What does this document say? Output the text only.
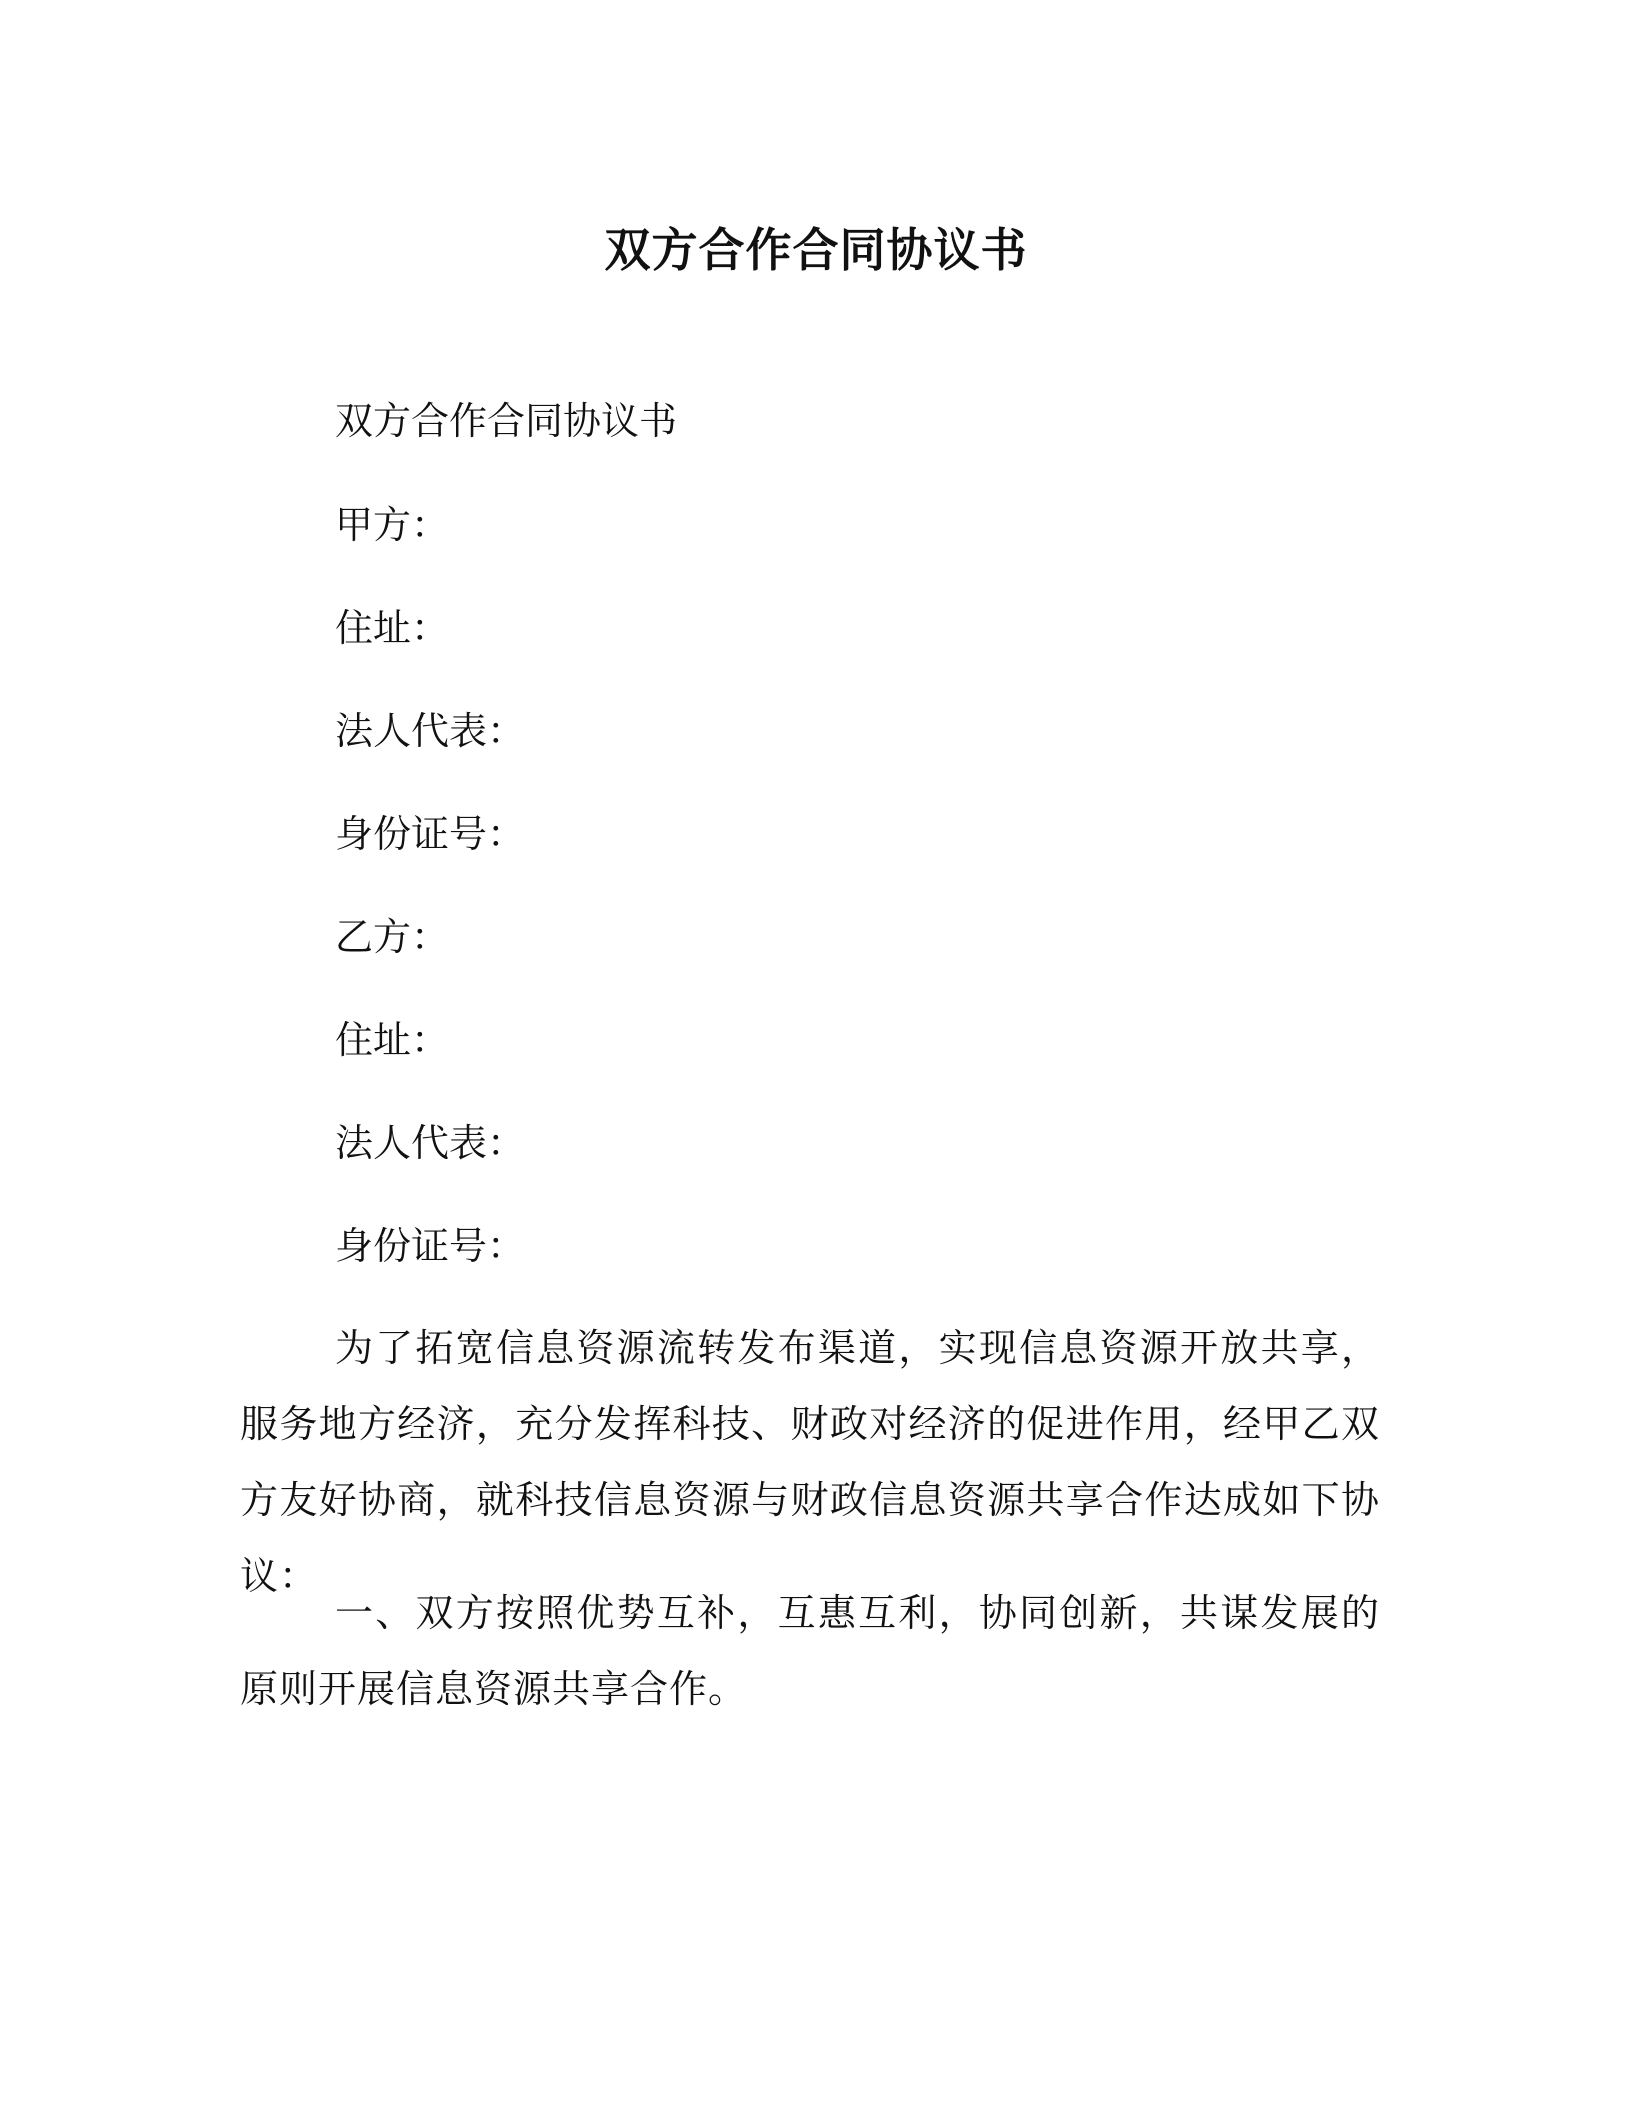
双方合作合同协议书
双方合作合同协议书
甲方：
住址：
法人代表：
身份证号：
乙方：
住址：
法人代表：
身份证号：
为了拓宽信息资源流转发布渠道，实现信息资源开放共享，服务地方经济，充分发挥科技、财政对经济的促进作用，经甲乙双方友好协商，就科技信息资源与财政信息资源共享合作达成如下协议：
一、双方按照优势互补，互惠互利，协同创新，共谋发展的原则开展信息资源共享合作。
